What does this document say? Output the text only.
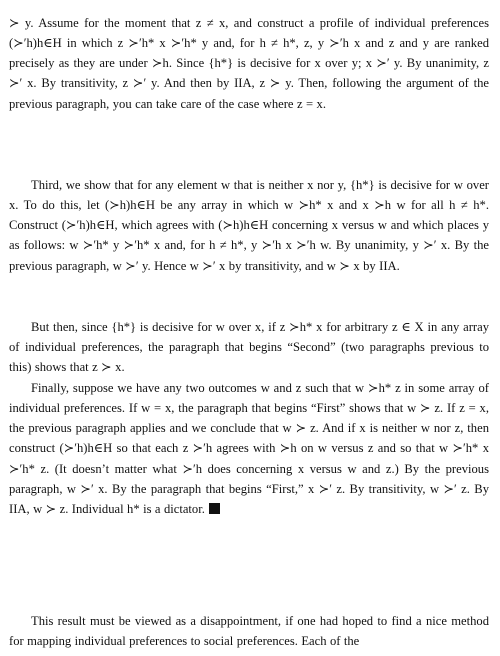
≻ y. Assume for the moment that z ≠ x, and construct a profile of individual preferences (≻′h)h∈H in which z ≻′h* x ≻′h* y and, for h ≠ h*, z, y ≻′h x and z and y are ranked precisely as they are under ≻h. Since {h*} is decisive for x over y; x ≻′ y. By unanimity, z ≻′ x. By transitivity, z ≻′ y. And then by IIA, z ≻ y. Then, following the argument of the previous paragraph, you can take care of the case where z = x.

Third, we show that for any element w that is neither x nor y, {h*} is decisive for w over x. To do this, let (≻h)h∈H be any array in which w ≻h* x and x ≻h w for all h ≠ h*. Construct (≻′h)h∈H, which agrees with (≻h)h∈H concerning x versus w and which places y as follows: w ≻′h* y ≻′h* x and, for h ≠ h*, y ≻′h x ≻′h w. By unanimity, y ≻′ x. By the previous paragraph, w ≻′ y. Hence w ≻′ x by transitivity, and w ≻ x by IIA.

But then, since {h*} is decisive for w over x, if z ≻h* x for arbitrary z ∈ X in any array of individual preferences, the paragraph that begins “Second” (two paragraphs previous to this) shows that z ≻ x.

Finally, suppose we have any two outcomes w and z such that w ≻h* z in some array of individual preferences. If w = x, the paragraph that begins “First” shows that w ≻ z. If z = x, the previous paragraph applies and we conclude that w ≻ z. And if x is neither w nor z, then construct (≻′h)h∈H so that each z ≻′h agrees with ≻h on w versus z and so that w ≻′h* x ≻′h* z. (It doesn’t matter what ≻′h does concerning x versus w and z.) By the previous paragraph, w ≻′ x. By the paragraph that begins “First,” x ≻′ z. By transitivity, w ≻′ z. By IIA, w ≻ z. Individual h* is a dictator.

This result must be viewed as a disappointment, if one had hoped to find a nice method for mapping individual preferences to social preferences. Each of the
